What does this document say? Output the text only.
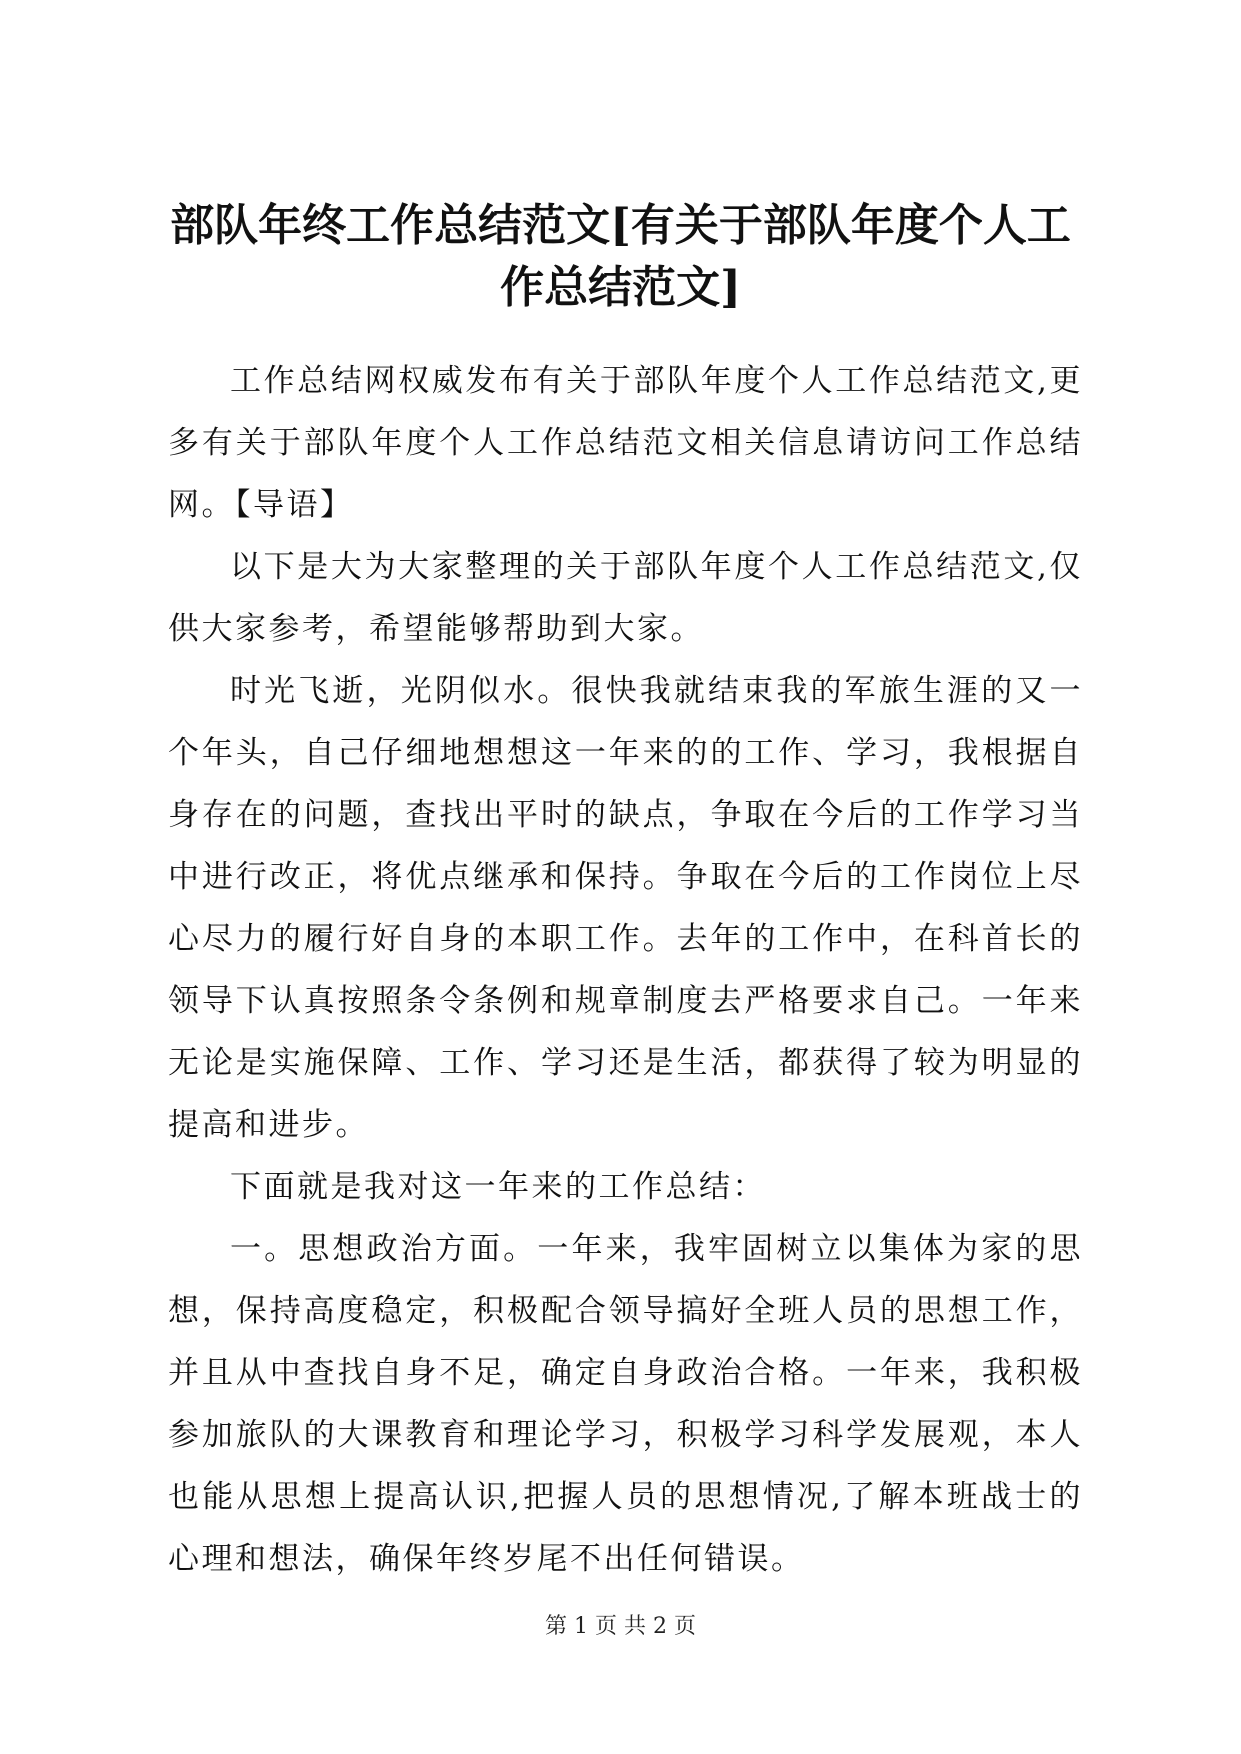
部队年终工作总结范文[有关于部队年度个人工作总结范文]

工作总结网权威发布有关于部队年度个人工作总结范文,更多有关于部队年度个人工作总结范文相关信息请访问工作总结网。【导语】

以下是大为大家整理的关于部队年度个人工作总结范文,仅供大家参考，希望能够帮助到大家。

时光飞逝，光阴似水。很快我就结束我的军旅生涯的又一个年头，自己仔细地想想这一年来的的工作、学习，我根据自身存在的问题，查找出平时的缺点，争取在今后的工作学习当中进行改正，将优点继承和保持。争取在今后的工作岗位上尽心尽力的履行好自身的本职工作。去年的工作中，在科首长的领导下认真按照条令条例和规章制度去严格要求自己。一年来无论是实施保障、工作、学习还是生活，都获得了较为明显的提高和进步。

下面就是我对这一年来的工作总结：

一。思想政治方面。一年来，我牢固树立以集体为家的思想，保持高度稳定，积极配合领导搞好全班人员的思想工作，并且从中查找自身不足，确定自身政治合格。一年来，我积极参加旅队的大课教育和理论学习，积极学习科学发展观，本人也能从思想上提高认识,把握人员的思想情况,了解本班战士的心理和想法，确保年终岁尾不出任何错误。

第 1 页 共 2 页
